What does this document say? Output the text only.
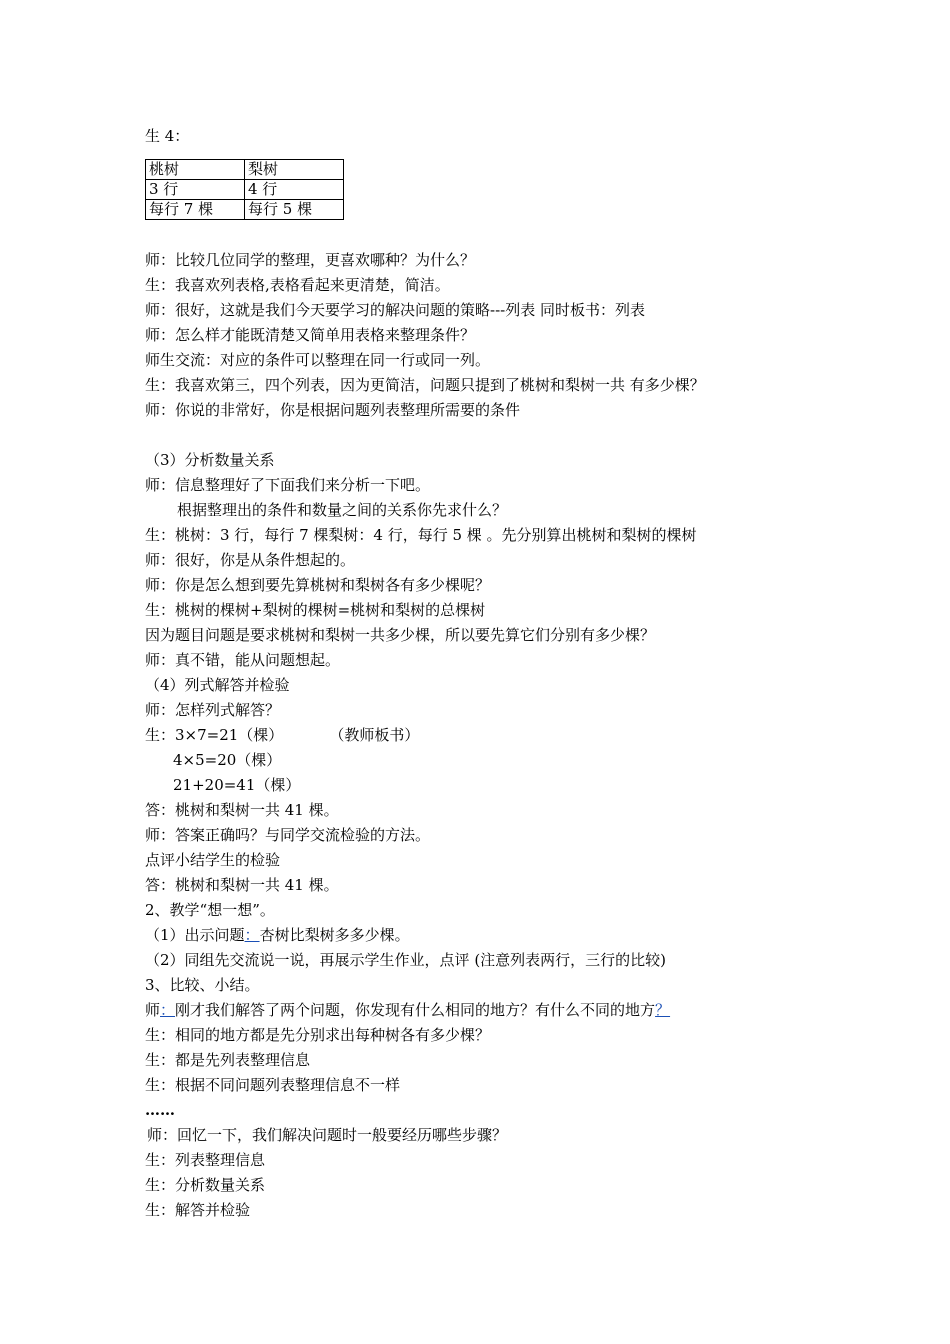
生 4：
桃树	梨树
3 行	4 行
每行 7 棵	每行 5 棵
师：比较几位同学的整理，更喜欢哪种？为什么？
生：我喜欢列表格,表格看起来更清楚，简洁。
师：很好，这就是我们今天要学习的解决问题的策略---列表 同时板书：列表
师：怎么样才能既清楚又简单用表格来整理条件？
师生交流：对应的条件可以整理在同一行或同一列。
生：我喜欢第三，四个列表，因为更简洁，问题只提到了桃树和梨树一共 有多少棵？
师：你说的非常好，你是根据问题列表整理所需要的条件
（3）分析数量关系
师：信息整理好了下面我们来分析一下吧。
根据整理出的条件和数量之间的关系你先求什么？
生：桃树：3 行，每行 7 棵梨树：4 行，每行 5 棵 。先分别算出桃树和梨树的棵树
师：很好，你是从条件想起的。
师：你是怎么想到要先算桃树和梨树各有多少棵呢？
生：桃树的棵树+梨树的棵树=桃树和梨树的总棵树
因为题目问题是要求桃树和梨树一共多少棵，所以要先算它们分别有多少棵？
师：真不错，能从问题想起。
（4）列式解答并检验
师：怎样列式解答？
生：3×7=21（棵）	（教师板书）
4×5=20（棵）
21+20=41（棵）
答：桃树和梨树一共 41 棵。
师：答案正确吗？与同学交流检验的方法。
点评小结学生的检验
答：桃树和梨树一共 41 棵。
2、教学“想一想”。
（1）出示问题：杏树比梨树多多少棵。
（2）同组先交流说一说，再展示学生作业，点评 (注意列表两行，三行的比较)
3、比较、小结。
师：刚才我们解答了两个问题，你发现有什么相同的地方？有什么不同的地方？
生：相同的地方都是先分别求出每种树各有多少棵？
生：都是先列表整理信息
生：根据不同问题列表整理信息不一样
……
师：回忆一下，我们解决问题时一般要经历哪些步骤？
生：列表整理信息
生：分析数量关系
生：解答并检验
